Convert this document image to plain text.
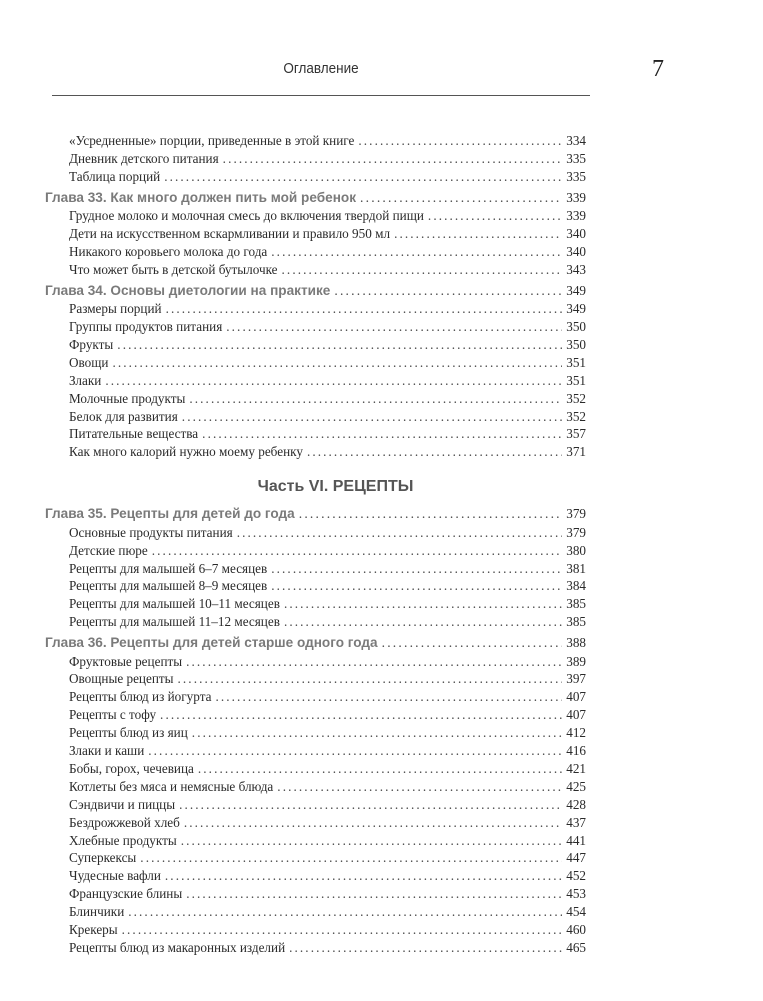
Оглавление	7
«Усредненные» порции, приведенные в этой книге . . .	334
Дневник детского питания . . .	335
Таблица порций . . .	335
Глава 33. Как много должен пить мой ребенок . . .	339
Грудное молоко и молочная смесь до включения твердой пищи . . .	339
Дети на искусственном вскармливании и правило 950 мл . . .	340
Никакого коровьего молока до года . . .	340
Что может быть в детской бутылочке . . .	343
Глава 34. Основы диетологии на практике . . .	349
Размеры порций . . .	349
Группы продуктов питания . . .	350
Фрукты . . .	350
Овощи . . .	351
Злаки . . .	351
Молочные продукты . . .	352
Белок для развития . . .	352
Питательные вещества . . .	357
Как много калорий нужно моему ребенку . . .	371
Часть VI. РЕЦЕПТЫ
Глава 35. Рецепты для детей до года . . .	379
Основные продукты питания . . .	379
Детские пюре . . .	380
Рецепты для малышей 6–7 месяцев . . .	381
Рецепты для малышей 8–9 месяцев . . .	384
Рецепты для малышей 10–11 месяцев . . .	385
Рецепты для малышей 11–12 месяцев . . .	385
Глава 36. Рецепты для детей старше одного года . . .	388
Фруктовые рецепты . . .	389
Овощные рецепты . . .	397
Рецепты блюд из йогурта . . .	407
Рецепты с тофу . . .	407
Рецепты блюд из яиц . . .	412
Злаки и каши . . .	416
Бобы, горох, чечевица . . .	421
Котлеты без мяса и немясные блюда . . .	425
Сэндвичи и пиццы . . .	428
Бездрожжевой хлеб . . .	437
Хлебные продукты . . .	441
Суперкексы . . .	447
Чудесные вафли . . .	452
Французские блины . . .	453
Блинчики . . .	454
Крекеры . . .	460
Рецепты блюд из макаронных изделий . . .	465
